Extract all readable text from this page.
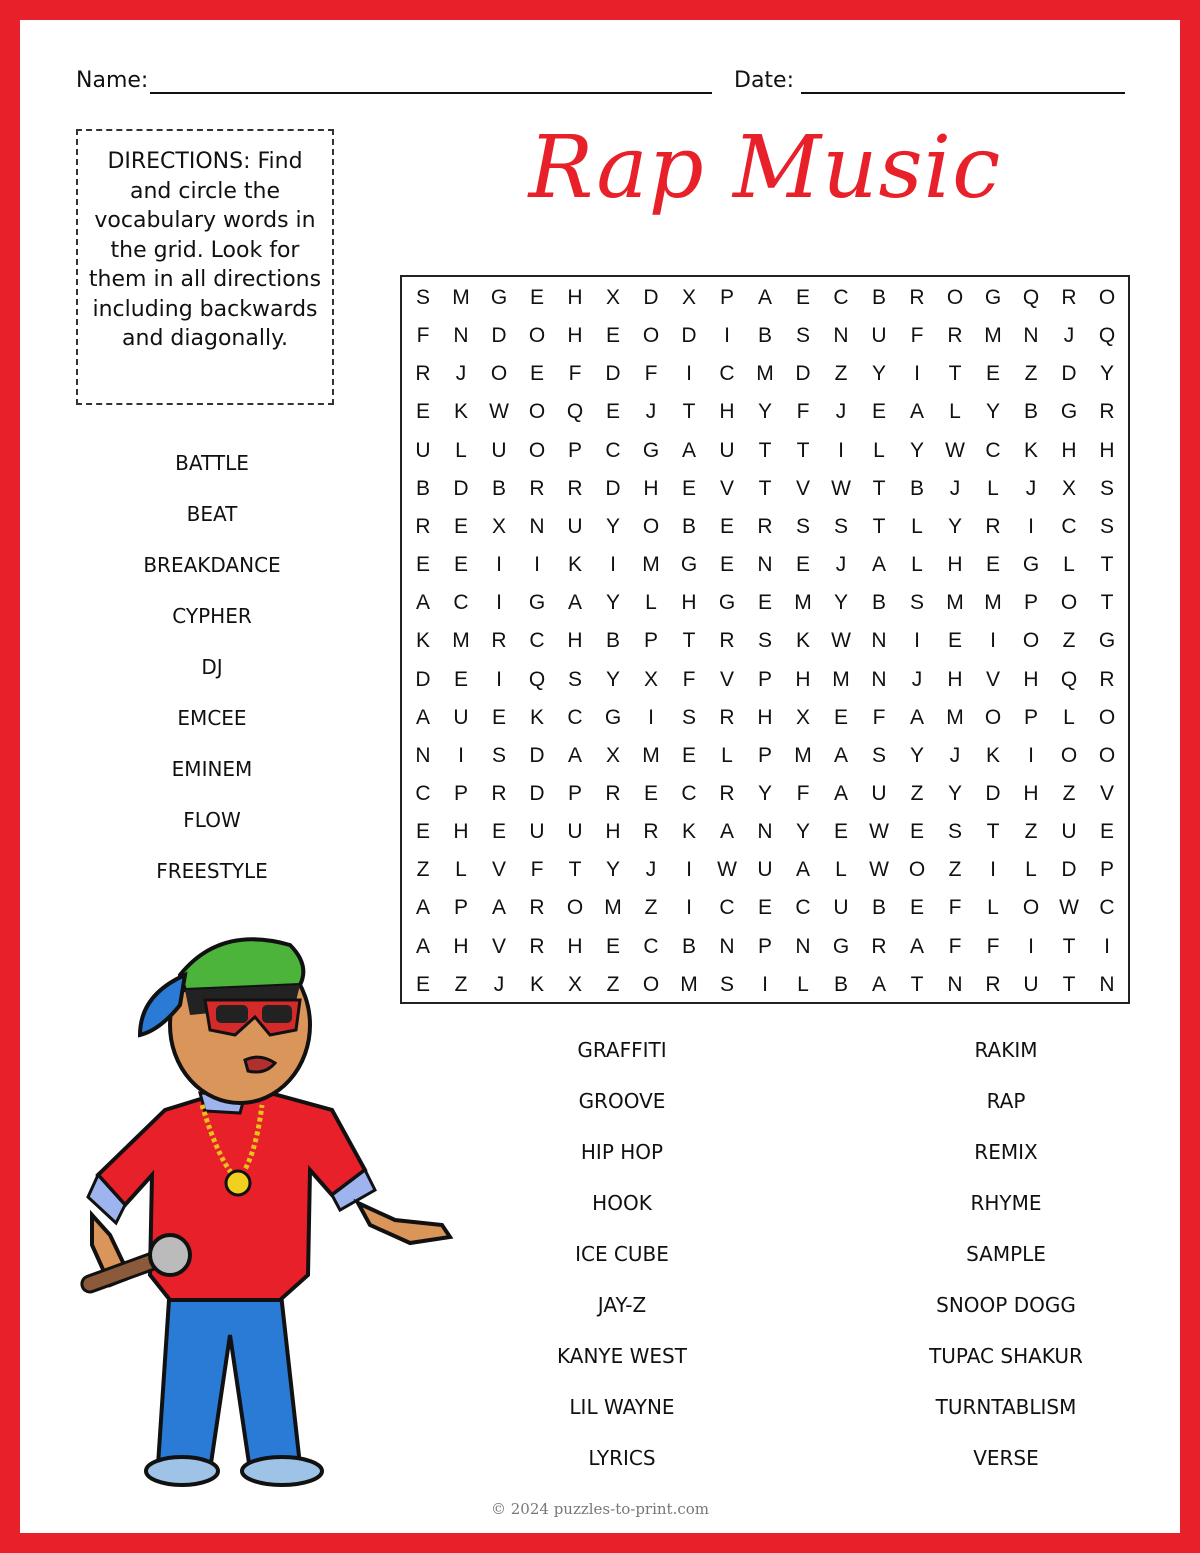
Name:	Date:
Rap Music
DIRECTIONS: Find and circle the vocabulary words in the grid. Look for them in all directions including backwards and diagonally.
BATTLE
BEAT
BREAKDANCE
CYPHER
DJ
EMCEE
EMINEM
FLOW
FREESTYLE
GRAFFITI
GROOVE
HIP HOP
HOOK
ICE CUBE
JAY-Z
KANYE WEST
LIL WAYNE
LYRICS
RAKIM
RAP
REMIX
RHYME
SAMPLE
SNOOP DOGG
TUPAC SHAKUR
TURNTABLISM
VERSE
S	M	G	E	H	X	D	X	P	A	E	C	B	R	O	G	Q	R	O
F	N	D	O	H	E	O	D	I	B	S	N	U	F	R	M	N	J	Q
R	J	O	E	F	D	F	I	C	M	D	Z	Y	I	T	E	Z	D	Y
E	K	W O	Q	E	J	T	H	Y	F	J	E	A	L	Y	B	G	R
U	L	U	O	P	C	G	A	U	T	T	I	L	Y	W C	K	H	H
B	D	B	R	R	D	H	E	V	T	V	W	T	B	J	L	J	X	S
R	E	X	N	U	Y	O	B	E	R	S	S	T	L	Y	R	I	C	S
E	E	I	I	K	I	M	G	E	N	E	J	A	L	H	E	G	L	T
A	C	I	G	A	Y	L	H	G	E	M	Y	B	S	M M	P	O	T
K	M	R	C	H	B	P	T	R	S	K	W N	I	E	I	O	Z	G
D	E	I	Q	S	Y	X	F	V	P	H	M	N	J	H	V	H	Q	R
A	U	E	K	C	G	I	S	R	H	X	E	F	A	M	O	P	L	O
N	I	S	D	A	X	M	E	L	P	M	A	S	Y	J	K	I	O	O
C	P	R	D	P	R	E	C	R	Y	F	A	U	Z	Y	D	H	Z	V
E	H	E	U	U	H	R	K	A	N	Y	E	W	E	S	T	Z	U	E
Z	L	V	F	T	Y	J	I	W U	A	L	W O	Z	I	L	D	P
A	P	A	R	O	M	Z	I	C	E	C	U	B	E	F	L	O W C
A	H	V	R	H	E	C	B	N	P	N	G	R	A	F	F	I	T	I
E	Z	J	K	X	Z	O	M	S	I	L	B	A	T	N	R	U	T	N
© 2024 puzzles-to-print.com
